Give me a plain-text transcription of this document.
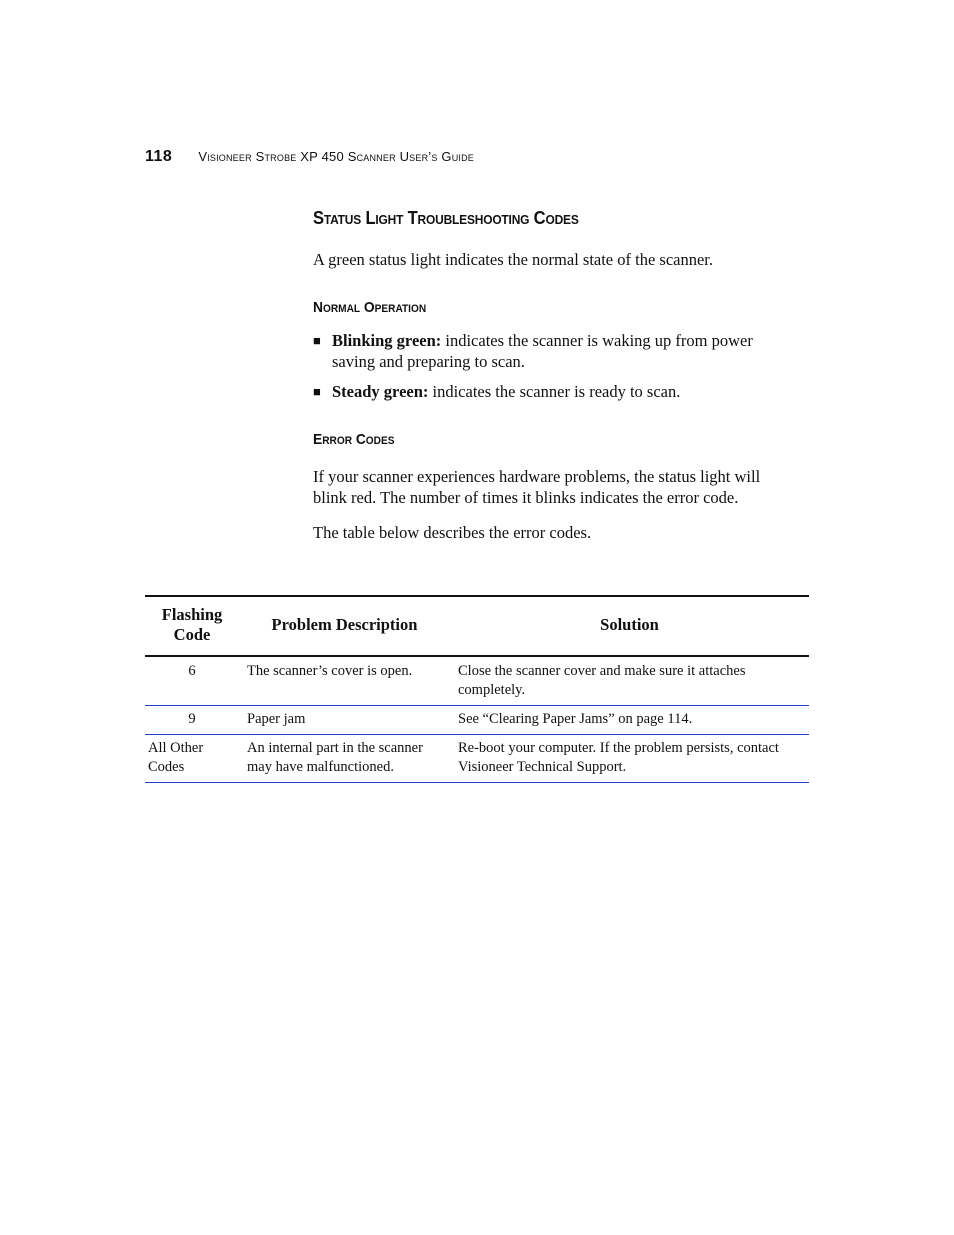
118 Visioneer Strobe XP 450 Scanner User’s Guide
Status Light Troubleshooting Codes

A green status light indicates the normal state of the scanner.

Normal Operation
■ Blinking green: indicates the scanner is waking up from power saving and preparing to scan.
■ Steady green: indicates the scanner is ready to scan.
Error Codes

If your scanner experiences hardware problems, the status light will blink red. The number of times it blinks indicates the error code.

The table below describes the error codes.

Flashing Code	Problem Description	Solution
6	The scanner’s cover is open.	Close the scanner cover and make sure it attaches completely.
9	Paper jam	See “Clearing Paper Jams” on page 114.
All Other Codes	An internal part in the scanner may have malfunctioned.	Re-boot your computer. If the problem persists, contact Visioneer Technical Support.
